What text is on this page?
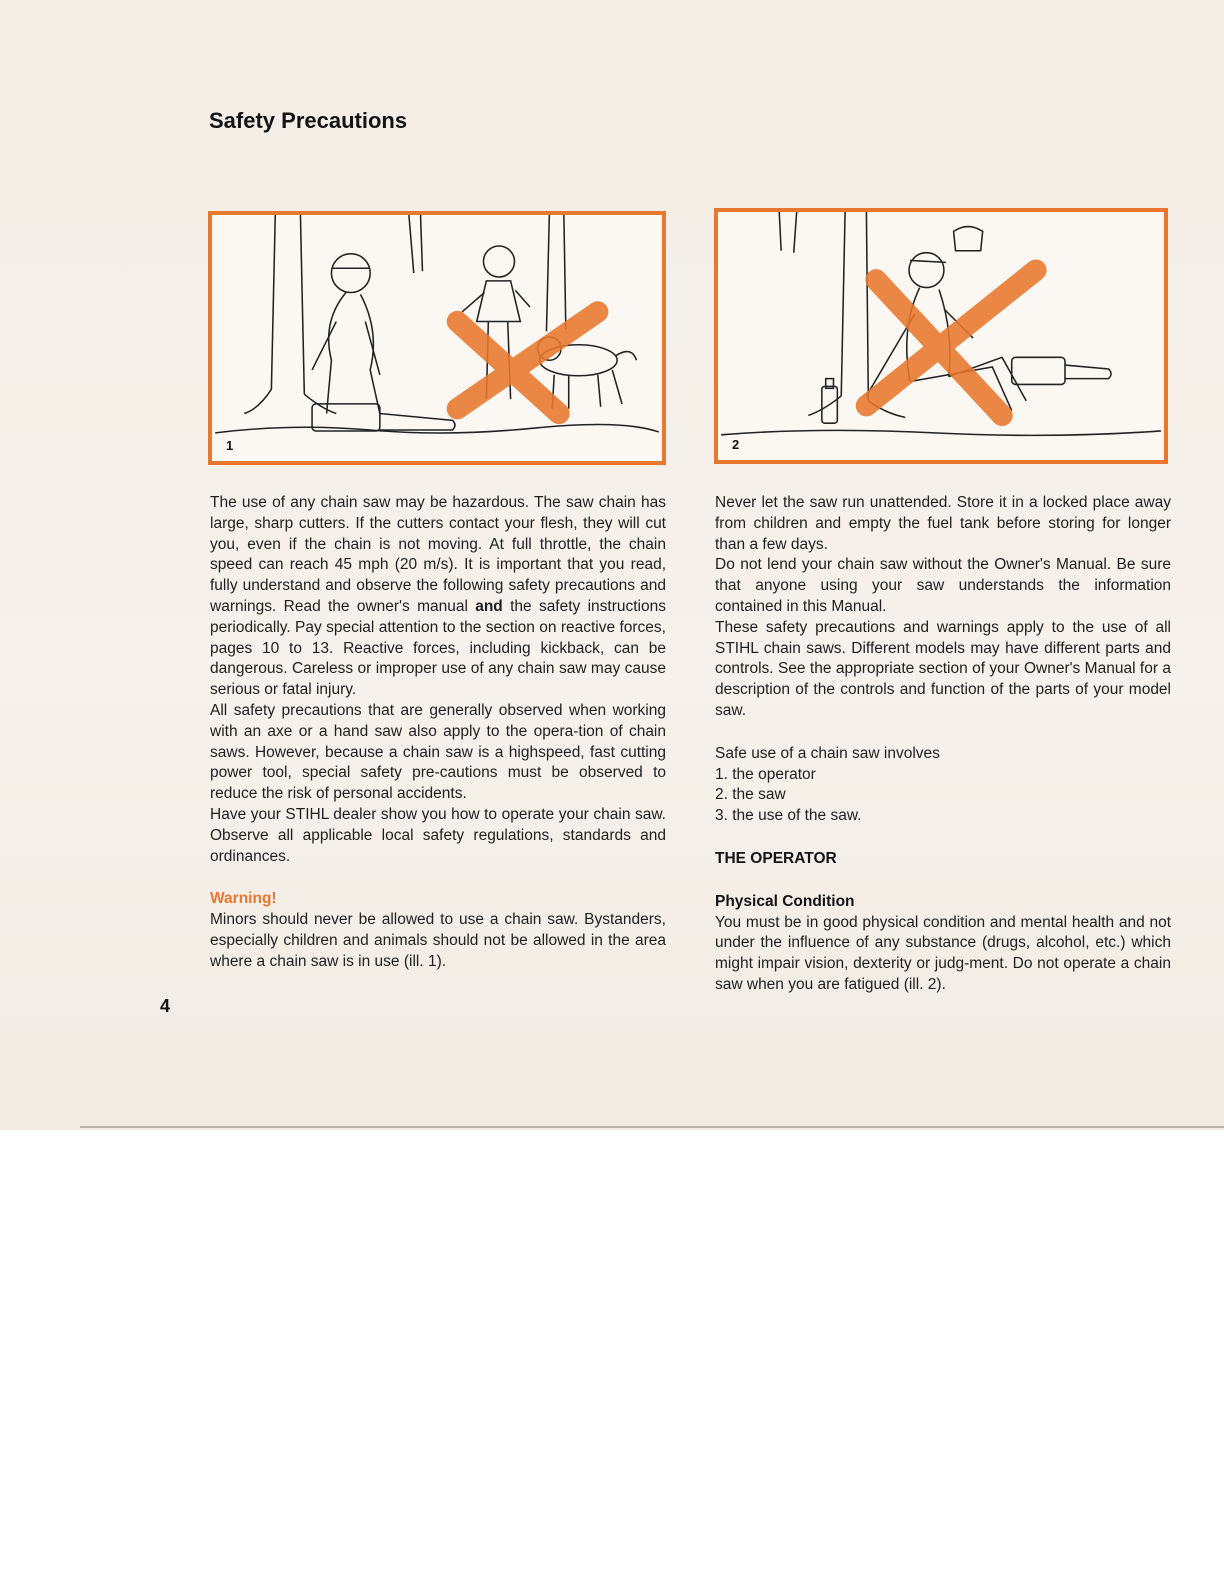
Safety Precautions
1	2

The use of any chain saw may be hazardous. The saw chain has large, sharp cutters. If the cutters contact your flesh, they will cut you, even if the chain is not moving. At full throttle, the chain speed can reach 45 mph (20 m/s). It is important that you read, fully understand and observe the following safety precautions and warnings. Read the owner's manual and the safety instructions periodically. Pay special attention to the section on reactive forces, pages 10 to 13. Reactive forces, including kickback, can be dangerous. Careless or improper use of any chain saw may cause serious or fatal injury.

All safety precautions that are generally observed when working with an axe or a hand saw also apply to the opera-tion of chain saws. However, because a chain saw is a highspeed, fast cutting power tool, special safety pre-cautions must be observed to reduce the risk of personal accidents.

Have your STIHL dealer show you how to operate your chain saw. Observe all applicable local safety regulations, standards and ordinances.

Warning!

Minors should never be allowed to use a chain saw. Bystanders, especially children and animals should not be allowed in the area where a chain saw is in use (ill. 1).

Never let the saw run unattended. Store it in a locked place away from children and empty the fuel tank before storing for longer than a few days.

Do not lend your chain saw without the Owner's Manual. Be sure that anyone using your saw understands the information contained in this Manual.

These safety precautions and warnings apply to the use of all STIHL chain saws. Different models may have different parts and controls. See the appropriate section of your Owner's Manual for a description of the controls and function of the parts of your model saw.

Safe use of a chain saw involves

1. the operator
2. the saw
3. the use of the saw.

THE OPERATOR

Physical Condition

You must be in good physical condition and mental health and not under the influence of any substance (drugs, alcohol, etc.) which might impair vision, dexterity or judg-ment. Do not operate a chain saw when you are fatigued (ill. 2).

4
